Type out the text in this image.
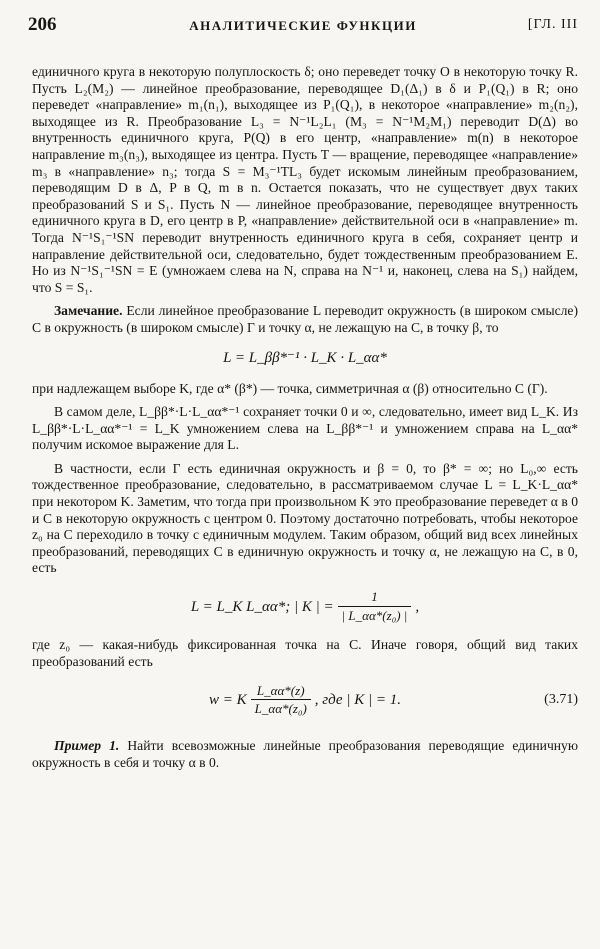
206	АНАЛИТИЧЕСКИЕ ФУНКЦИИ	[ГЛ. III

единичного круга в некоторую полуплоскость δ; оно переведет точку O в некоторую точку R. Пусть L₂(M₂) — линейное преобразование, переводящее D₁(Δ₁) в δ и P₁(Q₁) в R; оно переведет «направление» m₁(n₁), выходящее из P₁(Q₁), в некоторое «направление» m₂(n₂), выходящее из R. Преобразование L₃ = N⁻¹L₂L₁ (M₃ = N⁻¹M₂M₁) переводит D(Δ) во внутренность единичного круга, P(Q) в его центр, «направление» m(n) в некоторое направление m₃(n₃), выходящее из центра. Пусть T — вращение, переводящее «направление» m₃ в «направление» n₃; тогда S = M₃⁻¹TL₃ будет искомым линейным преобразованием, переводящим D в Δ, P в Q, m в n. Остается показать, что не существует двух таких преобразований S и S₁. Пусть N — линейное преобразование, переводящее внутренность единичного круга в D, его центр в P, «направление» действительной оси в «направление» m. Тогда N⁻¹S₁⁻¹SN переводит внутренность единичного круга в себя, сохраняет центр и направление действительной оси, следовательно, будет тождественным преобразованием E. Но из N⁻¹S₁⁻¹SN = E (умножаем слева на N, справа на N⁻¹ и, наконец, слева на S₁) найдем, что S = S₁.

Замечание. Если линейное преобразование L переводит окружность (в широком смысле) C в окружность (в широком смысле) Γ и точку α, не лежащую на C, в точку β, то

L = L_ββ*⁻¹ · L_K · L_αα*

при надлежащем выборе K, где α* (β*) — точка, симметричная α (β) относительно C (Γ).

В самом деле, L_ββ*·L·L_αα*⁻¹ сохраняет точки 0 и ∞, следовательно, имеет вид L_K. Из L_ββ*·L·L_αα*⁻¹ = L_K умножением слева на L_ββ*⁻¹ и умножением справа на L_αα* получим искомое выражение для L.

В частности, если Γ есть единичная окружность и β = 0, то β* = ∞; но L₀,∞ есть тождественное преобразование, следовательно, в рассматриваемом случае L = L_K·L_αα* при некотором K. Заметим, что тогда при произвольном K это преобразование переведет α в 0 и C в некоторую окружность с центром 0. Поэтому достаточно потребовать, чтобы некоторое z₀ на C переходило в точку с единичным модулем. Таким образом, общий вид всех линейных преобразований, переводящих C в единичную окружность и точку α, не лежащую на C, в 0, есть

L = L_K L_αα*; | K | = $\frac{1}{\text{| L\_αα*(z₀) |}}$ ,

где z₀ — какая-нибудь фиксированная точка на C. Иначе говоря, общий вид таких преобразований есть

w = K $\frac{L\_\alpha\alpha*(z)}{\text{L\_αα*(z₀)}}$ , где | K | = 1.	(3.71)

Пример 1. Найти всевозможные линейные преобразования переводящие единичную окружность в себя и точку α в 0.
